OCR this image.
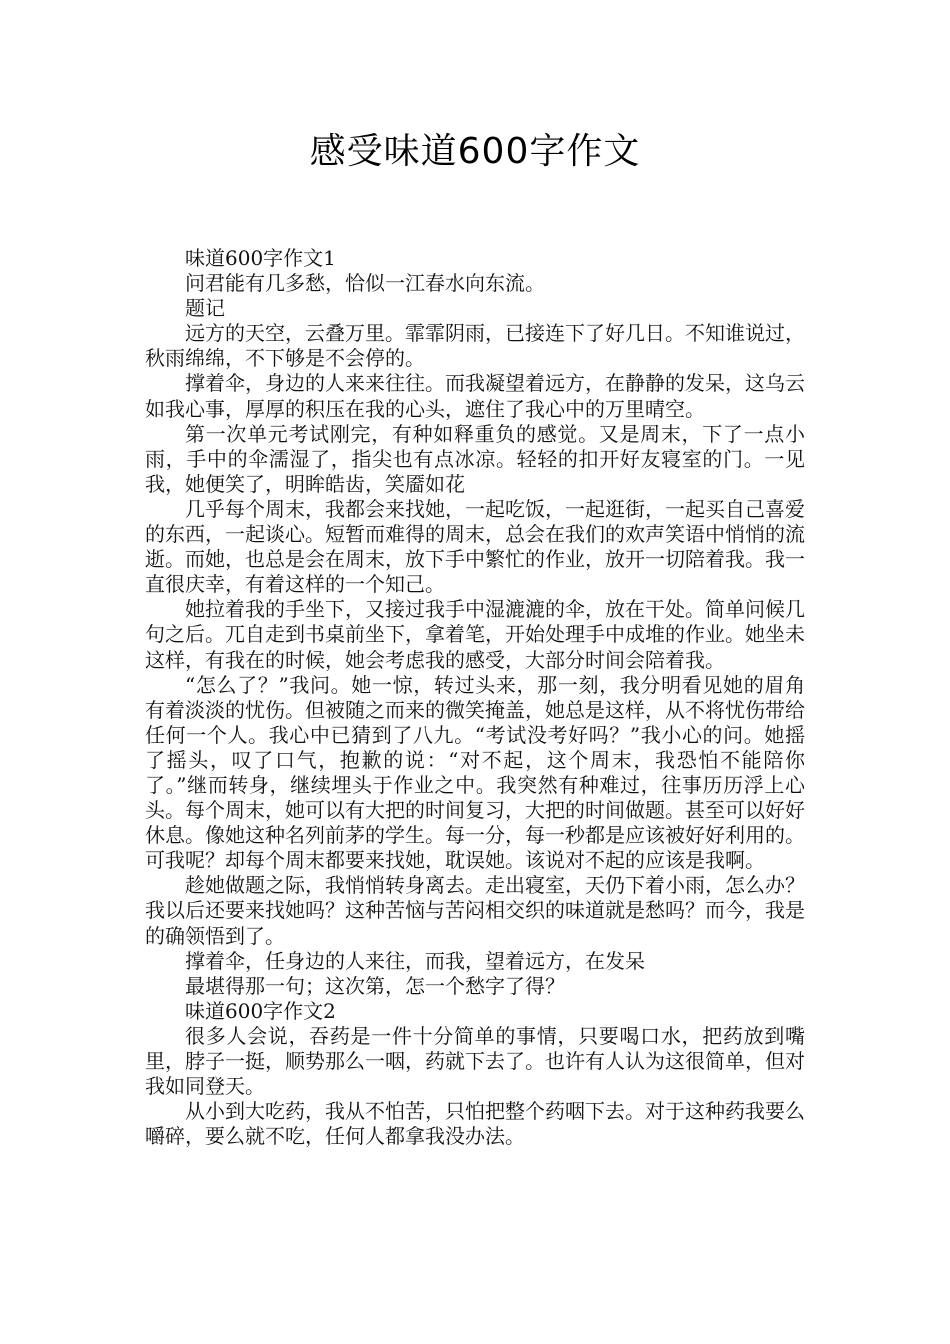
感受味道600字作文

味道600字作文1

问君能有几多愁，恰似一江春水向东流。

题记

远方的天空，云叠万里。霏霏阴雨，已接连下了好几日。不知谁说过，秋雨绵绵，不下够是不会停的。

撑着伞，身边的人来来往往。而我凝望着远方，在静静的发呆，这乌云如我心事，厚厚的积压在我的心头，遮住了我心中的万里晴空。

第一次单元考试刚完，有种如释重负的感觉。又是周末，下了一点小雨，手中的伞濡湿了，指尖也有点冰凉。轻轻的扣开好友寝室的门。一见我，她便笑了，明眸皓齿，笑靥如花

几乎每个周末，我都会来找她，一起吃饭，一起逛街，一起买自己喜爱的东西，一起谈心。短暂而难得的周末，总会在我们的欢声笑语中悄悄的流逝。而她，也总是会在周末，放下手中繁忙的作业，放开一切陪着我。我一直很庆幸，有着这样的一个知己。

她拉着我的手坐下，又接过我手中湿漉漉的伞，放在干处。简单问候几句之后。兀自走到书桌前坐下，拿着笔，开始处理手中成堆的作业。她坐未这样，有我在的时候，她会考虑我的感受，大部分时间会陪着我。

“怎么了？”我问。她一惊，转过头来，那一刻，我分明看见她的眉角有着淡淡的忧伤。但被随之而来的微笑掩盖，她总是这样，从不将忧伤带给任何一个人。我心中已猜到了八九。“考试没考好吗？”我小心的问。她摇了摇头，叹了口气，抱歉的说：“对不起，这个周末，我恐怕不能陪你了。”继而转身，继续埋头于作业之中。我突然有种难过，往事历历浮上心头。每个周末，她可以有大把的时间复习，大把的时间做题。甚至可以好好休息。像她这种名列前茅的学生。每一分，每一秒都是应该被好好利用的。可我呢？却每个周末都要来找她，耽误她。该说对不起的应该是我啊。

趁她做题之际，我悄悄转身离去。走出寝室，天仍下着小雨，怎么办？我以后还要来找她吗？这种苦恼与苦闷相交织的味道就是愁吗？而今，我是的确领悟到了。

撑着伞，任身边的人来往，而我，望着远方，在发呆

最堪得那一句；这次第，怎一个愁字了得？

味道600字作文2

很多人会说，吞药是一件十分简单的事情，只要喝口水，把药放到嘴里，脖子一挺，顺势那么一咽，药就下去了。也许有人认为这很简单，但对我如同登天。

从小到大吃药，我从不怕苦，只怕把整个药咽下去。对于这种药我要么嚼碎，要么就不吃，任何人都拿我没办法。
